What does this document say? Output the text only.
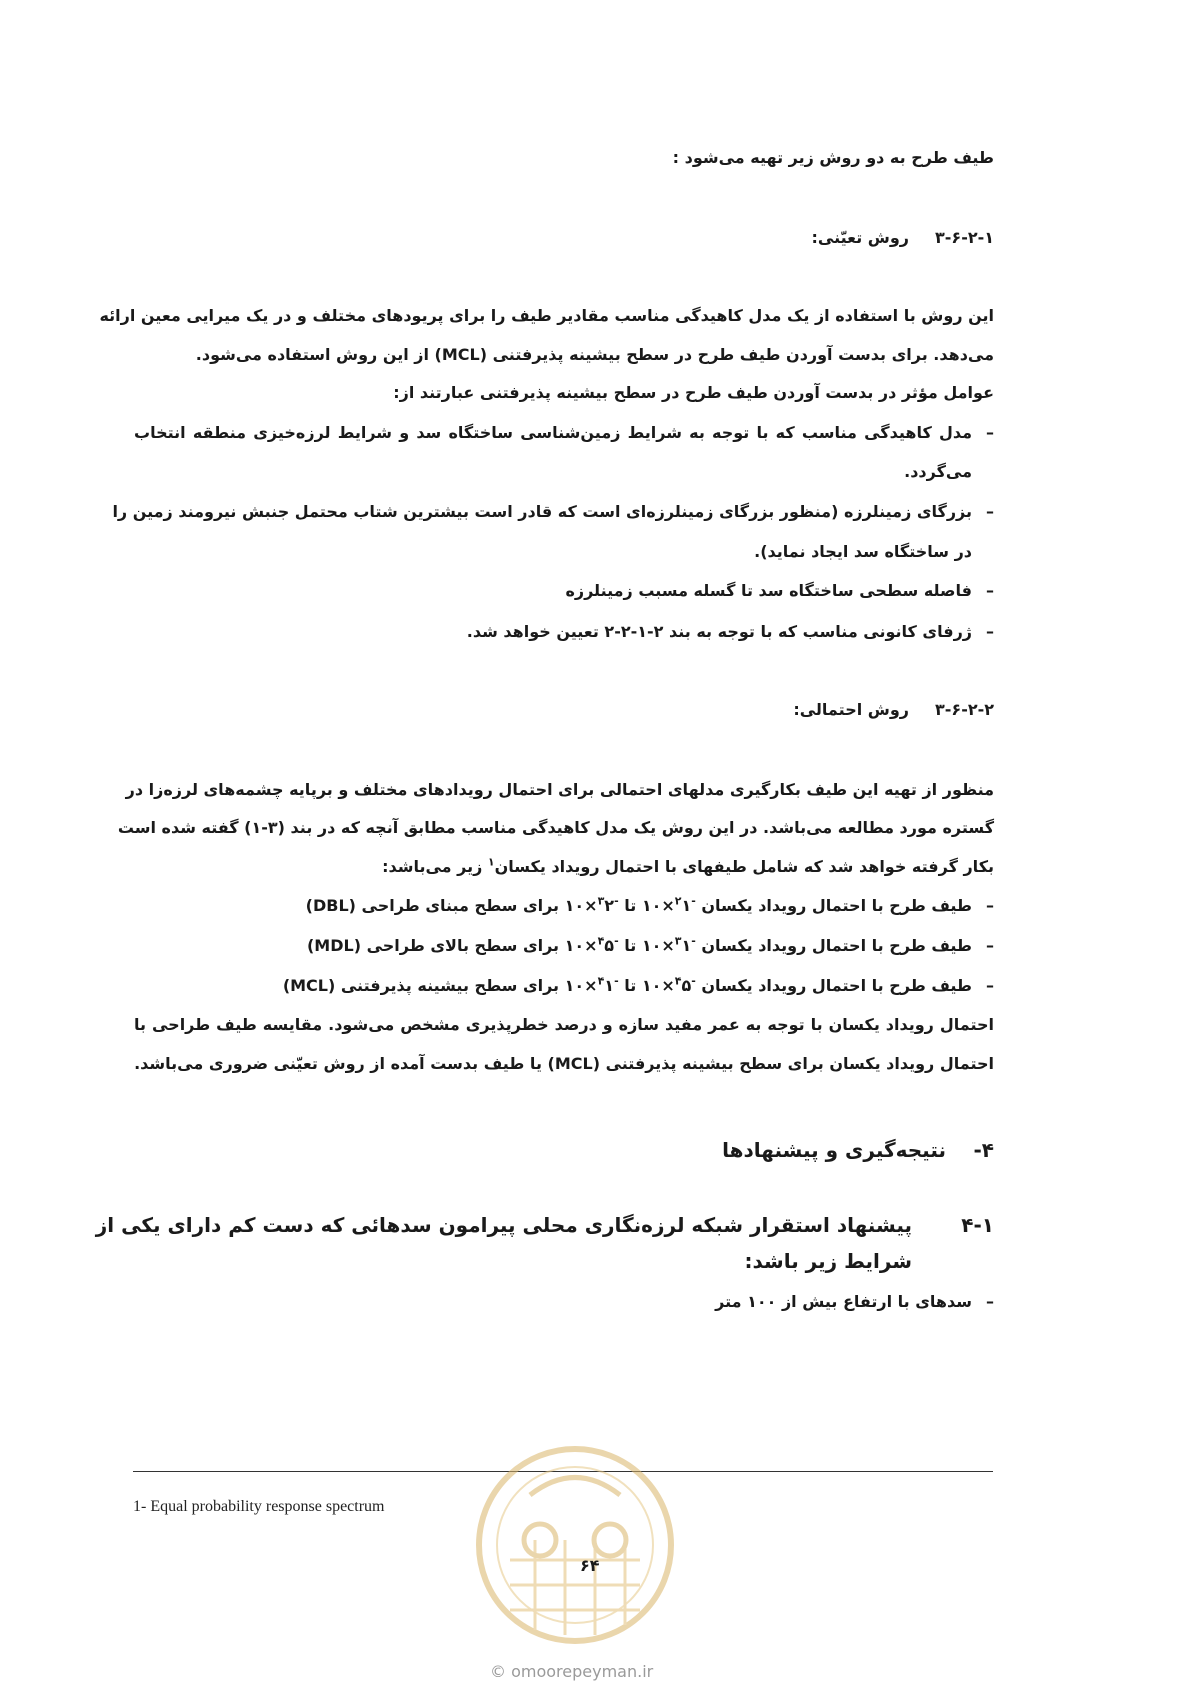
طیف طرح به دو روش زیر تهیه می‌شود :
۳-۶-۲-۱روش تعیّنی:
این روش با استفاده از یک مدل کاهیدگی مناسب مقادیر طیف را برای پریودهای مختلف و در یک میرایی معین ارائه
می‌دهد. برای بدست آوردن طیف طرح در سطح بیشینه پذیرفتنی (MCL) از این روش استفاده می‌شود.
عوامل مؤثر در بدست آوردن طیف طرح در سطح بیشینه پذیرفتنی عبارتند از:
–مدل کاهیدگی مناسب که با توجه به شرایط زمین‌شناسی ساختگاه سد و شرایط لرزه‌خیزی منطقه انتخاب
می‌گردد.
–بزرگای زمینلرزه (منظور بزرگای زمینلرزه‌ای است که قادر است بیشترین شتاب محتمل جنبش نیرومند زمین را
در ساختگاه سد ایجاد نماید).
–فاصله سطحی ساختگاه سد تا گسله مسبب زمینلرزه
–ژرفای کانونی مناسب که با توجه به بند ۲-۱-۲-۲ تعیین خواهد شد.
۳-۶-۲-۲روش احتمالی:
منظور از تهیه این طیف بکارگیری مدلهای احتمالی برای احتمال رویدادهای مختلف و برپایه چشمه‌های لرزه‌زا در
گستره مورد مطالعه می‌باشد. در این روش یک مدل کاهیدگی مناسب مطابق آنچه که در بند (۳-۱) گفته شده است
بکار گرفته خواهد شد که شامل طیفهای با احتمال رویداد یکسان$^۱$ زیر می‌باشد:
–طیف طرح با احتمال رویداد یکسان $^{-۲}$۱×۱۰ تا $^{-۳}$۲×۱۰ برای سطح مبنای طراحی (DBL)
–طیف طرح با احتمال رویداد یکسان $^{-۳}$۱×۱۰ تا $^{-۴}$۵×۱۰ برای سطح بالای طراحی (MDL)
–طیف طرح با احتمال رویداد یکسان $^{-۴}$۵×۱۰ تا $^{-۴}$۱×۱۰ برای سطح بیشینه پذیرفتنی (MCL)
احتمال رویداد یکسان با توجه به عمر مفید سازه و درصد خطرپذیری مشخص می‌شود. مقایسه طیف طراحی با
احتمال رویداد یکسان برای سطح بیشینه پذیرفتنی (MCL) یا طیف بدست آمده از روش تعیّنی ضروری می‌باشد.
نتیجه‌گیری و پیشنهادها	۴-
پیشنهاد استقرار شبکه لرزه‌نگاری محلی پیرامون سدهائی که دست کم دارای یکی از	۴-۱
شرایط زیر باشد:
–سدهای با ارتفاع بیش از ۱۰۰ متر
1- Equal probability response spectrum
۶۴
© omoorepeyman.ir
